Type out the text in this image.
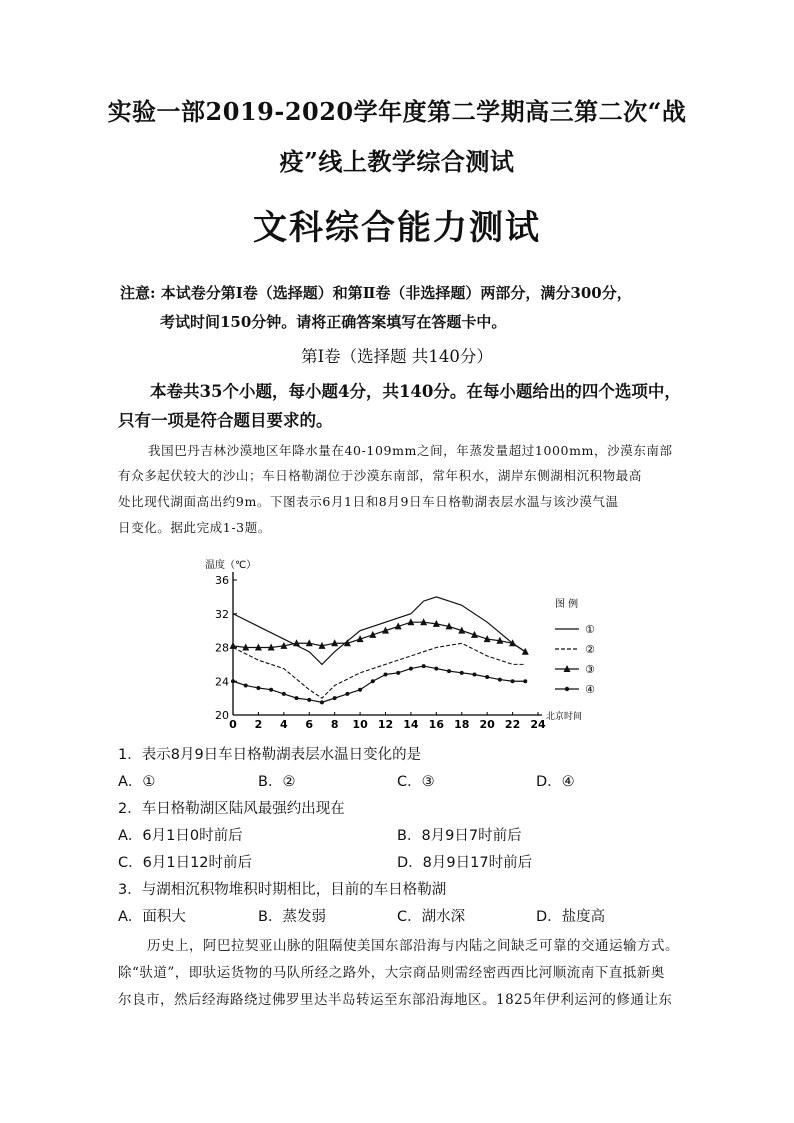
实验一部2019-2020学年度第二学期高三第二次“战
疫”线上教学综合测试
文科综合能力测试
注意: 本试卷分第Ⅰ卷（选择题）和第Ⅱ卷（非选择题）两部分，满分300分，
考试时间150分钟。请将正确答案填写在答题卡中。
第Ⅰ卷（选择题 共140分）
本卷共35个小题，每小题4分，共140分。在每小题给出的四个选项中，
只有一项是符合题目要求的。
我国巴丹吉林沙漠地区年降水量在40-109mm之间，年蒸发量超过1000mm，沙漠东南部
有众多起伏较大的沙山；车日格勒湖位于沙漠东南部，常年积水，湖岸东侧湖相沉积物最高
处比现代湖面高出约9m。下图表示6月1日和8月9日车日格勒湖表层水温与该沙漠气温
日变化。据此完成1-3题。
温度（℃）
北京时间
20
24
28
32
36
0 2 4 6 8 10 12 14 16 18 20 22 24
图 例
①
②
③
④
1．表示8月9日车日格勒湖表层水温日变化的是
A．①	B．②	C．③	D．④
2．车日格勒湖区陆风最强约出现在
A．6月1日0时前后	B．8月9日7时前后
C．6月1日12时前后	D．8月9日17时前后
3．与湖相沉积物堆积时期相比，目前的车日格勒湖
A．面积大	B．蒸发弱	C．湖水深	D．盐度高
历史上，阿巴拉契亚山脉的阻隔使美国东部沿海与内陆之间缺乏可靠的交通运输方式。
除“驮道”，即驮运货物的马队所经之路外，大宗商品则需经密西西比河顺流南下直抵新奥
尔良市，然后经海路绕过佛罗里达半岛转运至东部沿海地区。1825年伊利运河的修通让东
